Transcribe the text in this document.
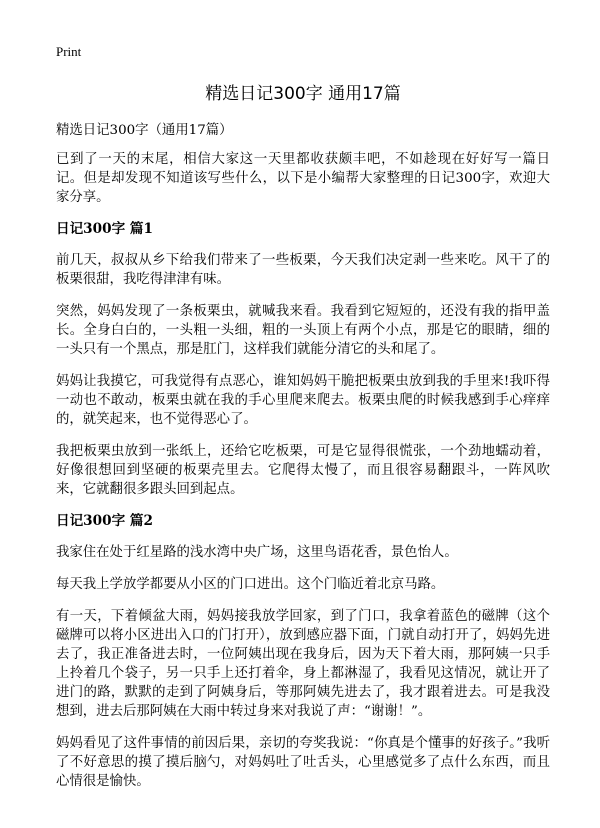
Print
精选日记300字 通用17篇
精选日记300字（通用17篇）

已到了一天的末尾，相信大家这一天里都收获颇丰吧，不如趁现在好好写一篇日记。但是却发现不知道该写些什么，以下是小编帮大家整理的日记300字，欢迎大家分享。

日记300字 篇1

前几天，叔叔从乡下给我们带来了一些板栗，今天我们决定剥一些来吃。风干了的板栗很甜，我吃得津津有味。

突然，妈妈发现了一条板栗虫，就喊我来看。我看到它短短的，还没有我的指甲盖长。全身白白的，一头粗一头细，粗的一头顶上有两个小点，那是它的眼睛，细的一头只有一个黑点，那是肛门，这样我们就能分清它的头和尾了。

妈妈让我摸它，可我觉得有点恶心，谁知妈妈干脆把板栗虫放到我的手里来!我吓得一动也不敢动，板栗虫就在我的手心里爬来爬去。板栗虫爬的时候我感到手心痒痒的，就笑起来，也不觉得恶心了。

我把板栗虫放到一张纸上，还给它吃板栗，可是它显得很慌张，一个劲地蠕动着，好像很想回到坚硬的板栗壳里去。它爬得太慢了，而且很容易翻跟斗，一阵风吹来，它就翻很多跟头回到起点。

日记300字 篇2

我家住在处于红星路的浅水湾中央广场，这里鸟语花香，景色怡人。

每天我上学放学都要从小区的门口进出。这个门临近着北京马路。

有一天，下着倾盆大雨，妈妈接我放学回家，到了门口，我拿着蓝色的磁牌（这个磁牌可以将小区进出入口的门打开），放到感应器下面，门就自动打开了，妈妈先进去了，我正准备进去时，一位阿姨出现在我身后，因为天下着大雨，那阿姨一只手上拎着几个袋子，另一只手上还打着伞，身上都淋湿了，我看见这情况，就让开了进门的路，默默的走到了阿姨身后，等那阿姨先进去了，我才跟着进去。可是我没想到，进去后那阿姨在大雨中转过身来对我说了声：“谢谢！”。

妈妈看见了这件事情的前因后果，亲切的夸奖我说：“你真是个懂事的好孩子。”我听了不好意思的摸了摸后脑勺，对妈妈吐了吐舌头，心里感觉多了点什么东西，而且心情很是愉快。
